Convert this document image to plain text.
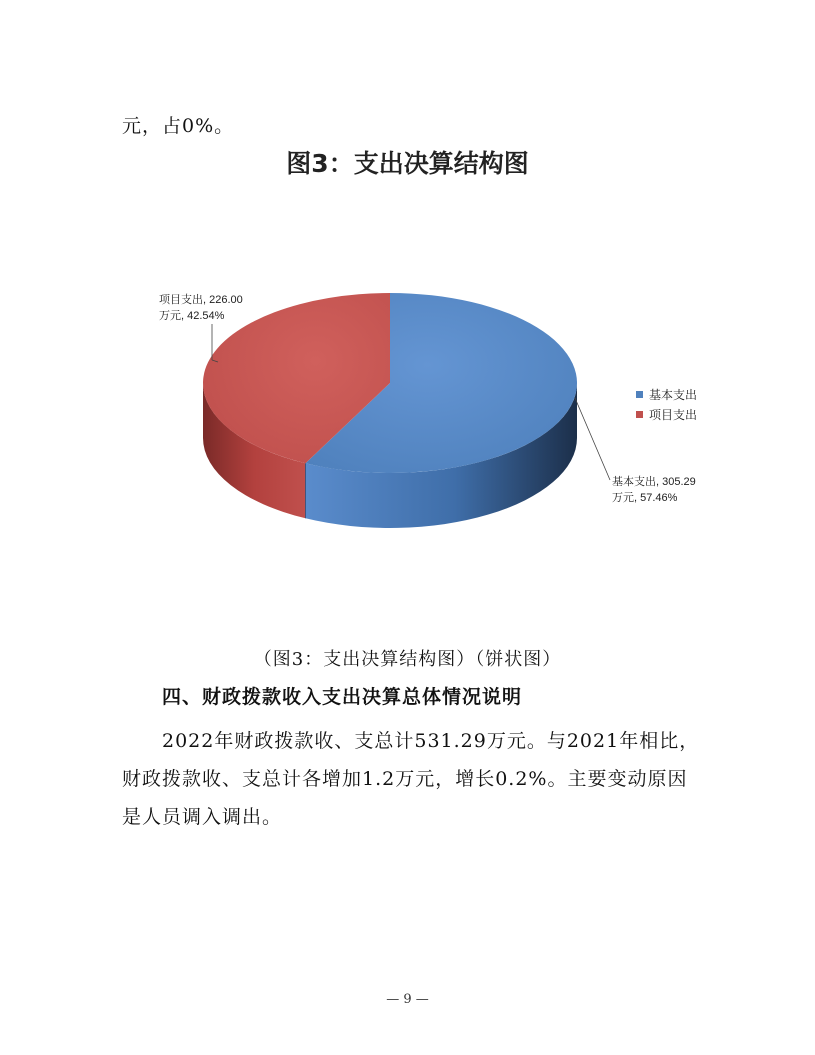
元，占0%。
图3：支出决算结构图
项目支出, 226.00
万元, 42.54%
基本支出, 305.29
万元, 57.46%
基本支出
项目支出
（图3：支出决算结构图）（饼状图）
四、财政拨款收入支出决算总体情况说明
2022年财政拨款收、支总计531.29万元。与2021年相比，
财政拨款收、支总计各增加1.2万元，增长0.2%。主要变动原因
是人员调入调出。
— 9 —
